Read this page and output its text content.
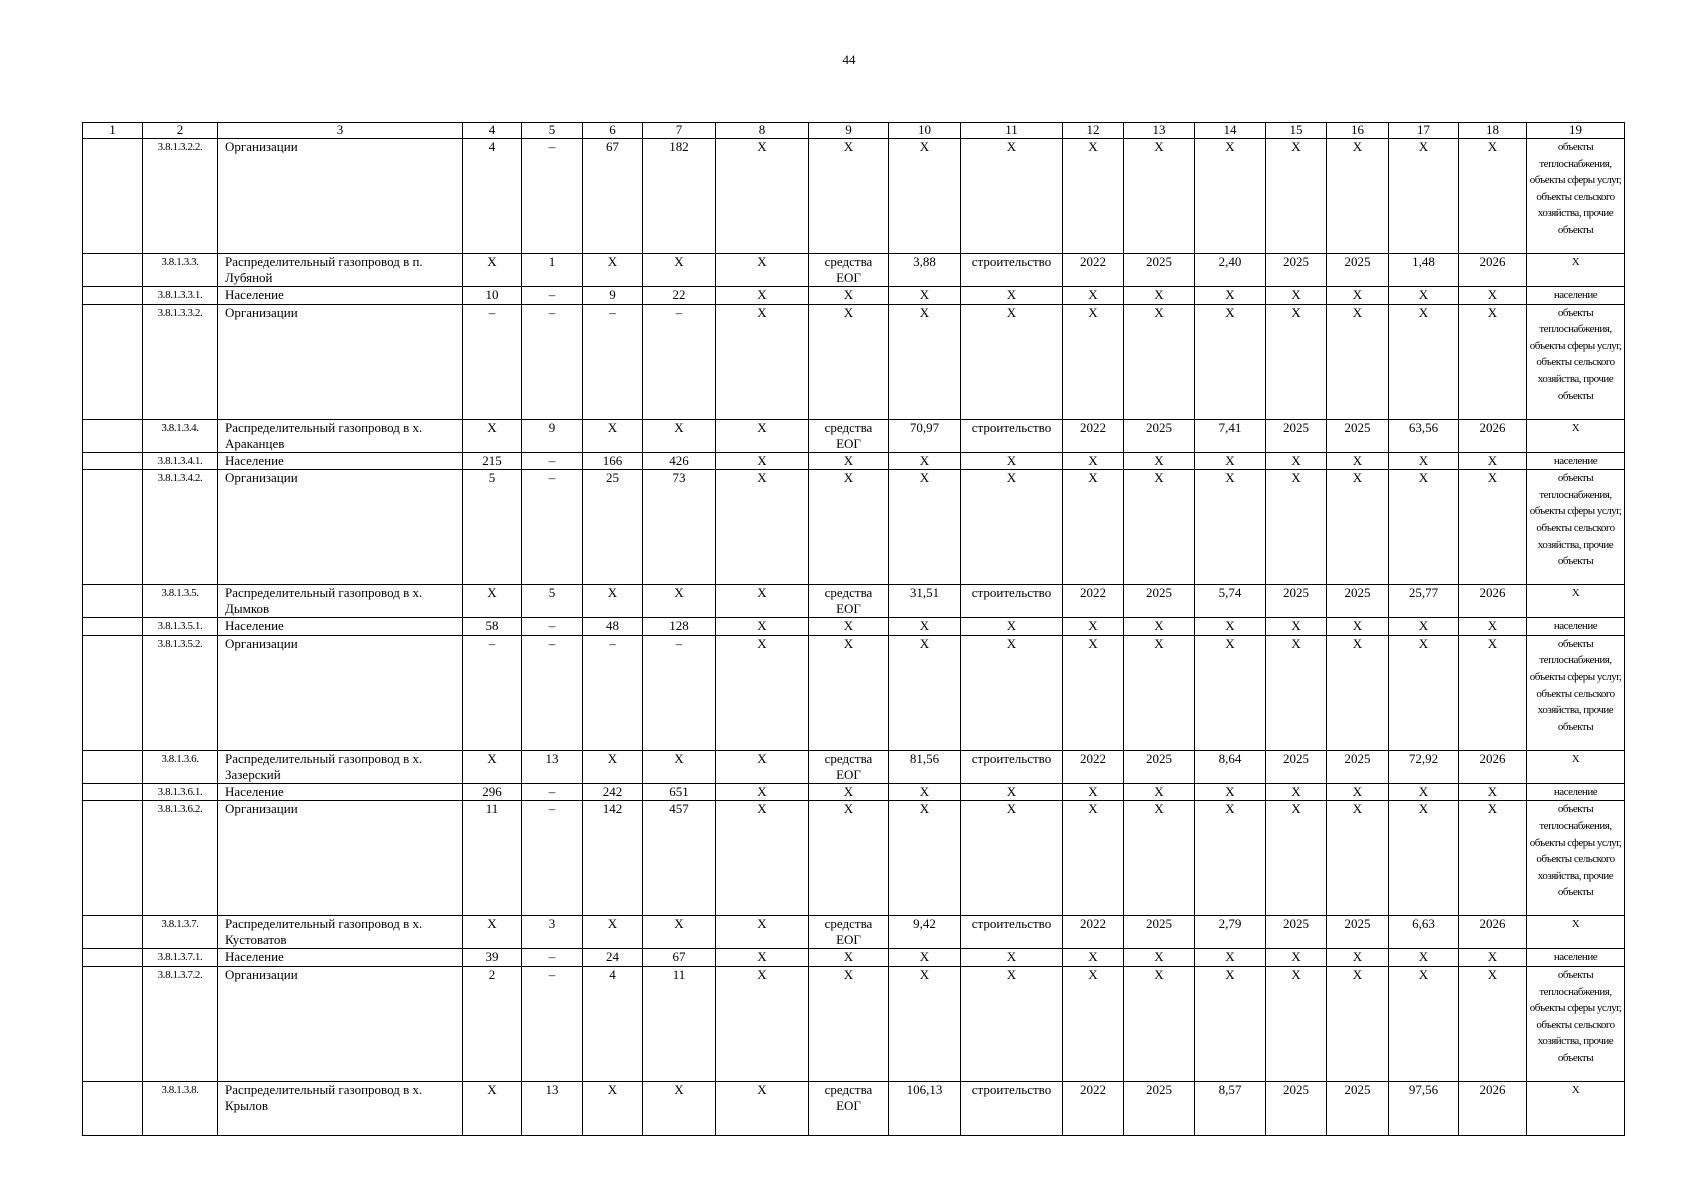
44
1	2	3	4	5	6	7	8	9	10	11	12	13	14	15	16	17	18	19
	3.8.1.3.2.2.	Организации	4	–	67	182	X	X	X	X	X	X	X	X	X	X	X	объекты теплоснабжения, объекты сферы услуг, объекты сельского хозяйства, прочие объекты
	3.8.1.3.3.	Распределительный газопровод в п. Лубяной	X	1	X	X	X	средства ЕОГ	3,88	строительство	2022	2025	2,40	2025	2025	1,48	2026	X
	3.8.1.3.3.1.	Население	10	–	9	22	X	X	X	X	X	X	X	X	X	X	X	население
	3.8.1.3.3.2.	Организации	–	–	–	–	X	X	X	X	X	X	X	X	X	X	X	объекты теплоснабжения, объекты сферы услуг, объекты сельского хозяйства, прочие объекты
	3.8.1.3.4.	Распределительный газопровод в х. Араканцев	X	9	X	X	X	средства ЕОГ	70,97	строительство	2022	2025	7,41	2025	2025	63,56	2026	X
	3.8.1.3.4.1.	Население	215	–	166	426	X	X	X	X	X	X	X	X	X	X	X	население
	3.8.1.3.4.2.	Организации	5	–	25	73	X	X	X	X	X	X	X	X	X	X	X	объекты теплоснабжения, объекты сферы услуг, объекты сельского хозяйства, прочие объекты
	3.8.1.3.5.	Распределительный газопровод в х. Дымков	X	5	X	X	X	средства ЕОГ	31,51	строительство	2022	2025	5,74	2025	2025	25,77	2026	X
	3.8.1.3.5.1.	Население	58	–	48	128	X	X	X	X	X	X	X	X	X	X	X	население
	3.8.1.3.5.2.	Организации	–	–	–	–	X	X	X	X	X	X	X	X	X	X	X	объекты теплоснабжения, объекты сферы услуг, объекты сельского хозяйства, прочие объекты
	3.8.1.3.6.	Распределительный газопровод в х. Зазерский	X	13	X	X	X	средства ЕОГ	81,56	строительство	2022	2025	8,64	2025	2025	72,92	2026	X
	3.8.1.3.6.1.	Население	296	–	242	651	X	X	X	X	X	X	X	X	X	X	X	население
	3.8.1.3.6.2.	Организации	11	–	142	457	X	X	X	X	X	X	X	X	X	X	X	объекты теплоснабжения, объекты сферы услуг, объекты сельского хозяйства, прочие объекты
	3.8.1.3.7.	Распределительный газопровод в х. Кустоватов	X	3	X	X	X	средства ЕОГ	9,42	строительство	2022	2025	2,79	2025	2025	6,63	2026	X
	3.8.1.3.7.1.	Население	39	–	24	67	X	X	X	X	X	X	X	X	X	X	X	население
	3.8.1.3.7.2.	Организации	2	–	4	11	X	X	X	X	X	X	X	X	X	X	X	объекты теплоснабжения, объекты сферы услуг, объекты сельского хозяйства, прочие объекты
	3.8.1.3.8.	Распределительный газопровод в х. Крылов	X	13	X	X	X	средства ЕОГ	106,13	строительство	2022	2025	8,57	2025	2025	97,56	2026	X
